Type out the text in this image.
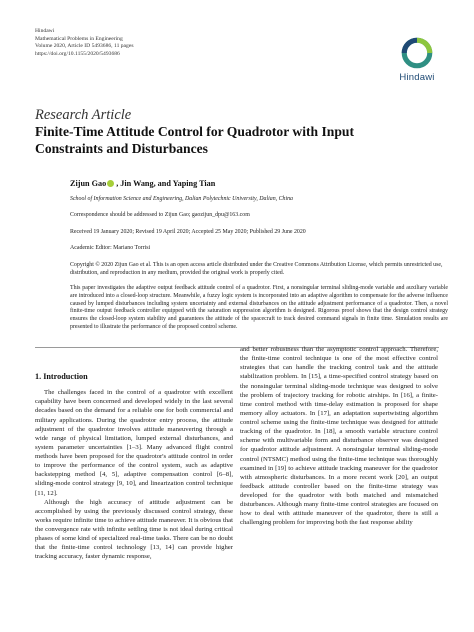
Hindawi
Mathematical Problems in Engineering
Volume 2020, Article ID 5493686, 11 pages
https://doi.org/10.1155/2020/5493686
Hindawi
Research Article
Finite-Time Attitude Control for Quadrotor with Input Constraints and Disturbances
Zijun Gao , Jin Wang, and Yaping Tian
School of Information Science and Engineering, Dalian Polytechnic University, Dalian, China
Correspondence should be addressed to Zijun Gao; gaozijun_dpu@163.com
Received 19 January 2020; Revised 19 April 2020; Accepted 25 May 2020; Published 29 June 2020
Academic Editor: Mariano Torrisi
Copyright © 2020 Zijun Gao et al. This is an open access article distributed under the Creative Commons Attribution License, which permits unrestricted use, distribution, and reproduction in any medium, provided the original work is properly cited.
This paper investigates the adaptive output feedback attitude control of a quadrotor. First, a nonsingular terminal sliding-mode variable and auxiliary variable are introduced into a closed-loop structure. Meanwhile, a fuzzy logic system is incorporated into an adaptive algorithm to compensate for the adverse influence caused by lumped disturbances including system uncertainty and external disturbances on the attitude adjustment performance of a quadrotor. Then, a novel finite-time output feedback controller equipped with the saturation suppression algorithm is designed. Rigorous proof shows that the design control strategy ensures the closed-loop system stability and guarantees the attitude of the spacecraft to track desired command signals in finite time. Simulation results are presented to illustrate the performance of the proposed control scheme.
1. Introduction

The challenges faced in the control of a quadrotor with excellent capability have been concerned and developed widely in the last several decades based on the demand for a reliable one for both commercial and military applications. During the quadrotor entry process, the attitude adjustment of the quadrotor involves attitude maneuvering through a wide range of physical limitation, lumped external disturbances, and system parameter uncertainties [1–3]. Many advanced flight control methods have been proposed for the quadrotor's attitude control in order to improve the performance of the control system, such as adaptive backstepping method [4, 5], adaptive compensation control [6–8], sliding-mode control strategy [9, 10], and linearization control technique [11, 12].

Although the high accuracy of attitude adjustment can be accomplished by using the previously discussed control strategy, these works require infinite time to achieve attitude maneuver. It is obvious that the convergence rate with infinite settling time is not ideal during critical phases of some kind of specialized real-time tasks. There can be no doubt that the finite-time control technology [13, 14] can provide higher tracking accuracy, faster dynamic response,

and better robustness than the asymptotic control approach. Therefore, the finite-time control technique is one of the most effective control strategies that can handle the tracking control task and the attitude stabilization problem. In [15], a time-specified control strategy based on the nonsingular terminal sliding-mode technique was designed to solve the problem of trajectory tracking for robotic airships. In [16], a finite-time control method with time-delay estimation is proposed for shape memory alloy actuators. In [17], an adaptation supertwisting algorithm control scheme using the finite-time technique was designed for attitude tracking of the quadrotor. In [18], a smooth variable structure control scheme with multivariable form and disturbance observer was designed for quadrotor attitude adjustment. A nonsingular terminal sliding-mode control (NTSMC) method using the finite-time technique was thoroughly examined in [19] to achieve attitude tracking maneuver for the quadrotor with atmospheric disturbances. In a more recent work [20], an output feedback attitude controller based on the finite-time strategy was developed for the quadrotor with both matched and mismatched disturbances. Although many finite-time control strategies are focused on how to deal with attitude maneuver of the quadrotor, there is still a challenging problem for improving both the fast response ability
